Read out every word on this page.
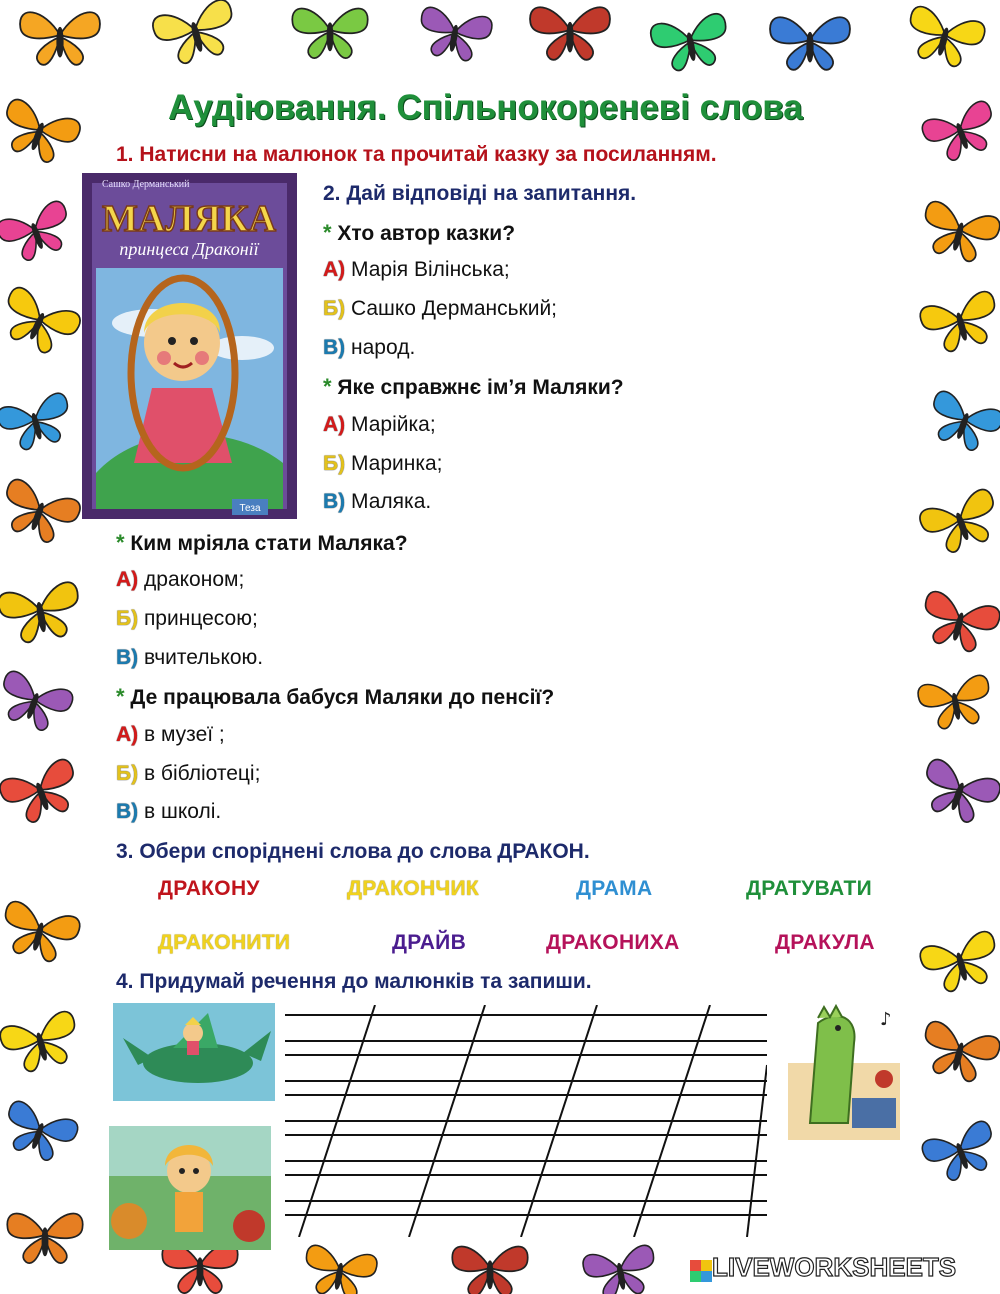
Аудіювання. Спільнокореневі слова
1. Натисни на малюнок та прочитай казку за посиланням.
Сашко Дерманський
МАЛЯКА
принцеса Драконії
Теза
2. Дай відповіді на запитання.
* Хто автор казки?
А) Марія Вілінська;
Б) Сашко Дерманський;
В) народ.
* Яке справжнє ім’я Маляки?
А) Марійка;
Б) Маринка;
В) Маляка.
* Ким мріяла стати Маляка?
А) драконом;
Б) принцесою;
В) вчителькою.
* Де працювала бабуся Маляки до пенсії?
А) в музеї ;
Б) в бібліотеці;
В) в школі.
3. Обери споріднені слова до слова ДРАКОН.
ДРАКОНУ	ДРАКОНЧИК	ДРАМА	ДРАТУВАТИ
ДРАКОНИТИ	ДРАЙВ	ДРАКОНИХА	ДРАКУЛА
4. Придумай речення до малюнків та запиши.
♪
LIVEWORKSHEETS
